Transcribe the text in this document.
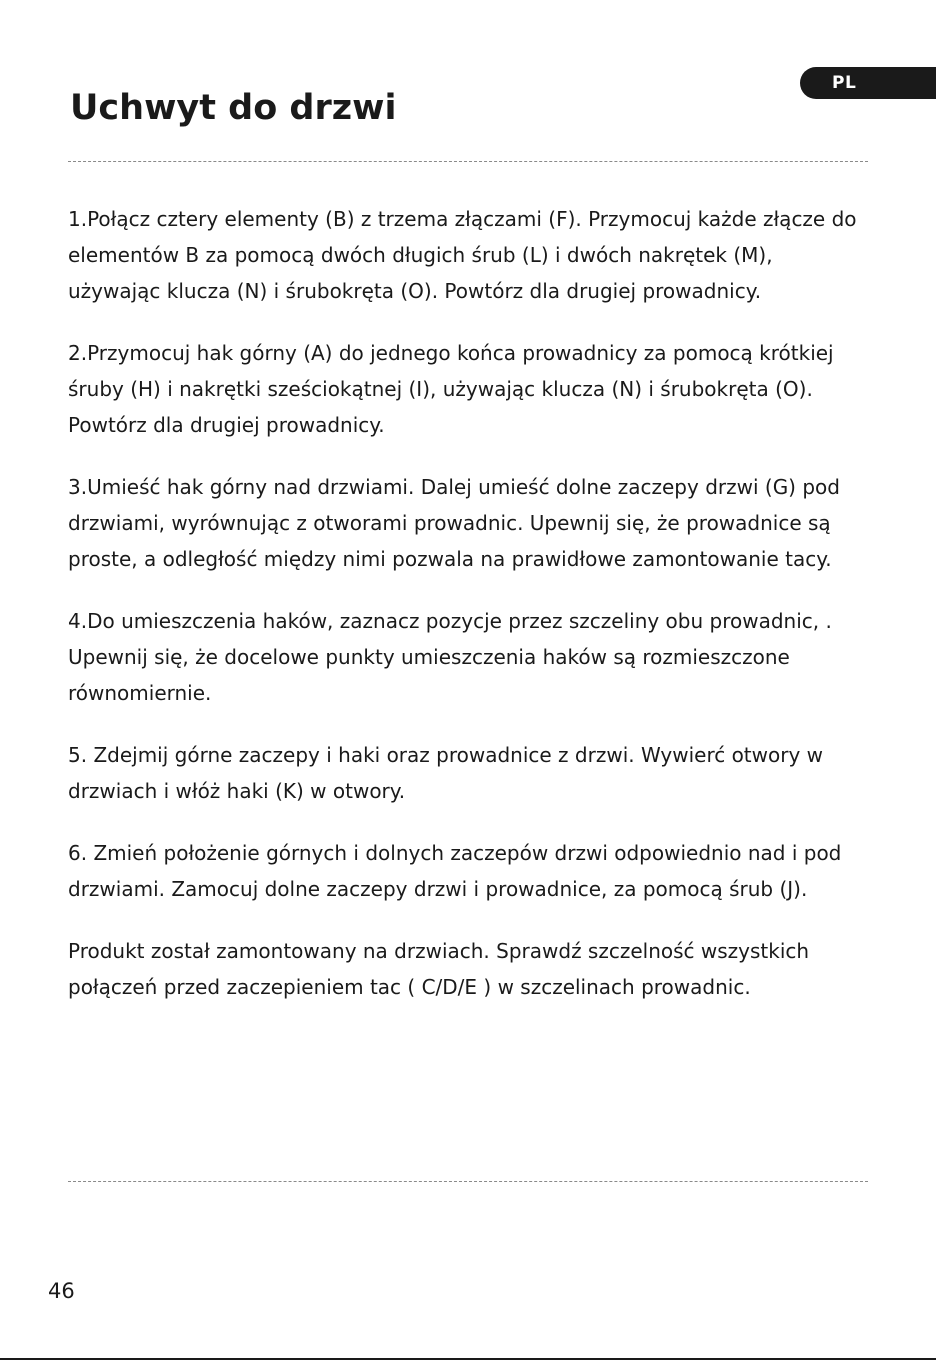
PL
Uchwyt do drzwi

1.Połącz cztery elementy (B) z trzema złączami (F). Przymocuj każde złącze do elementów B za pomocą dwóch długich śrub (L) i dwóch nakrętek (M), używając klucza (N) i śrubokręta (O). Powtórz dla drugiej prowadnicy.

2.Przymocuj hak górny (A) do jednego końca prowadnicy za pomocą krótkiej śruby (H) i nakrętki sześciokątnej (I), używając klucza (N) i śrubokręta (O). Powtórz dla drugiej prowadnicy.

3.Umieść hak górny nad drzwiami. Dalej umieść dolne zaczepy drzwi (G) pod drzwiami, wyrównując z otworami prowadnic. Upewnij się, że prowadnice są proste, a odległość między nimi pozwala na prawidłowe zamontowanie tacy.

4.Do umieszczenia haków, zaznacz pozycje przez szczeliny obu prowadnic, . Upewnij się, że docelowe punkty umieszczenia haków są rozmieszczone równomiernie.

5. Zdejmij górne zaczepy i haki oraz prowadnice z drzwi. Wywierć otwory w drzwiach i włóż haki (K) w otwory.

6. Zmień położenie górnych i dolnych zaczepów drzwi odpowiednio nad i pod drzwiami. Zamocuj dolne zaczepy drzwi i prowadnice, za pomocą śrub (J).

Produkt został zamontowany na drzwiach. Sprawdź szczelność wszystkich połączeń przed zaczepieniem tac ( C/D/E ) w szczelinach prowadnic.

46
